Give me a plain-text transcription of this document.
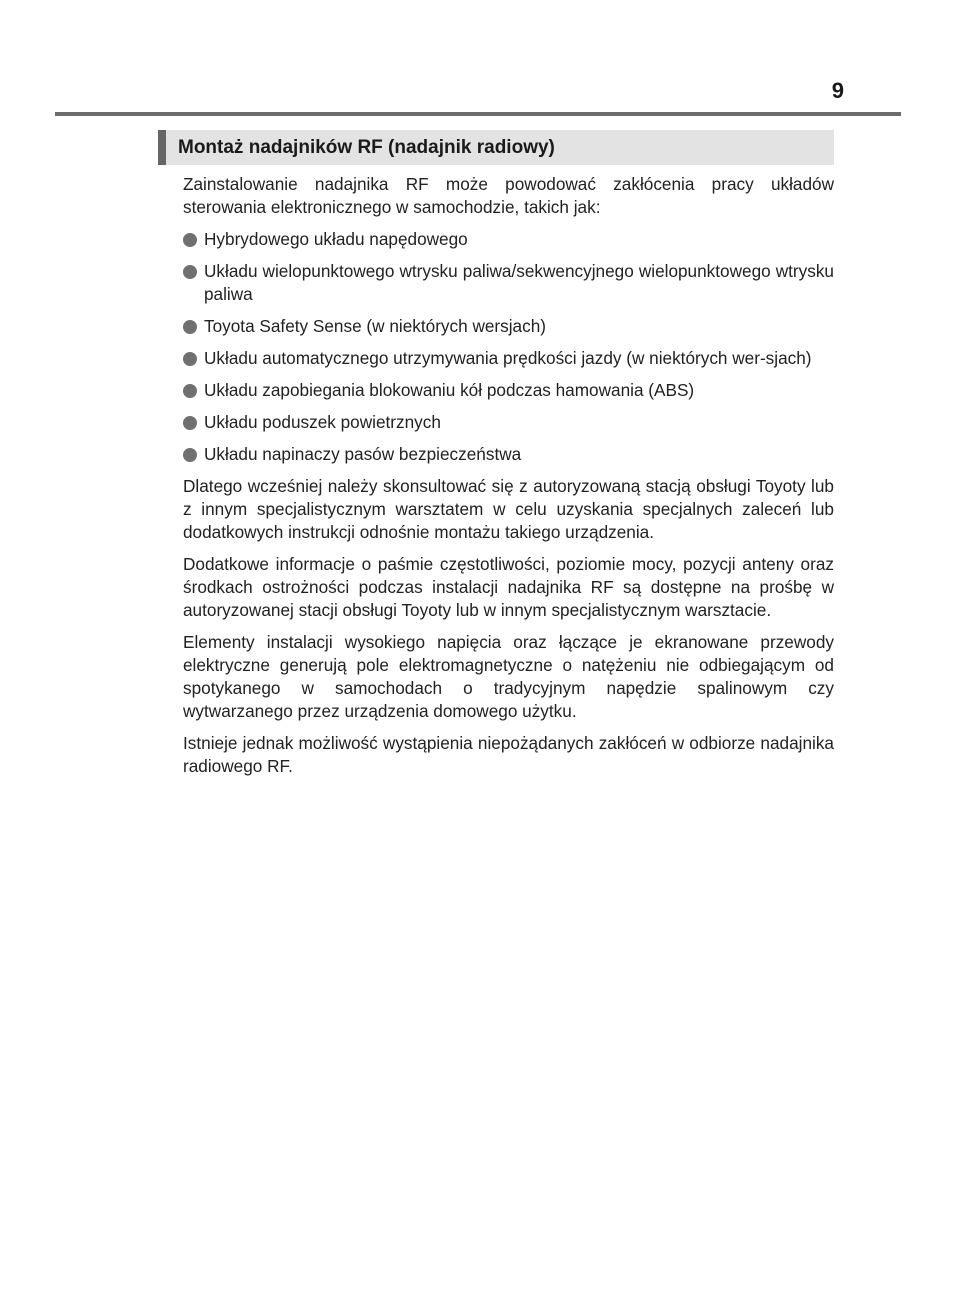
9
Montaż nadajników RF (nadajnik radiowy)

Zainstalowanie nadajnika RF może powodować zakłócenia pracy układów sterowania elektronicznego w samochodzie, takich jak:

Hybrydowego układu napędowego
Układu wielopunktowego wtrysku paliwa/sekwencyjnego wielopunktowego wtrysku paliwa
Toyota Safety Sense (w niektórych wersjach)
Układu automatycznego utrzymywania prędkości jazdy (w niektórych wer-sjach)
Układu zapobiegania blokowaniu kół podczas hamowania (ABS)
Układu poduszek powietrznych
Układu napinaczy pasów bezpieczeństwa

Dlatego wcześniej należy skonsultować się z autoryzowaną stacją obsługi Toyoty lub z innym specjalistycznym warsztatem w celu uzyskania specjalnych zaleceń lub dodatkowych instrukcji odnośnie montażu takiego urządzenia.

Dodatkowe informacje o paśmie częstotliwości, poziomie mocy, pozycji anteny oraz środkach ostrożności podczas instalacji nadajnika RF są dostępne na prośbę w autoryzowanej stacji obsługi Toyoty lub w innym specjalistycznym warsztacie.

Elementy instalacji wysokiego napięcia oraz łączące je ekranowane przewody elektryczne generują pole elektromagnetyczne o natężeniu nie odbiegającym od spotykanego w samochodach o tradycyjnym napędzie spalinowym czy wytwarzanego przez urządzenia domowego użytku.

Istnieje jednak możliwość wystąpienia niepożądanych zakłóceń w odbiorze nadajnika radiowego RF.
